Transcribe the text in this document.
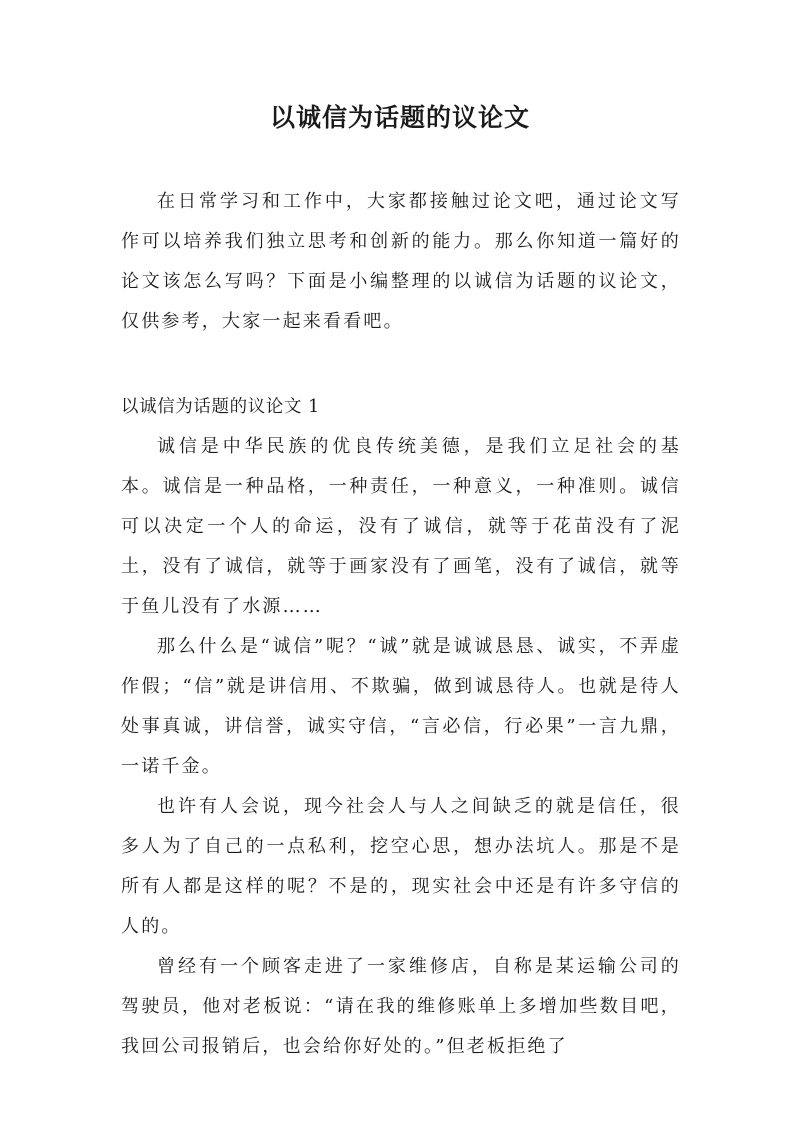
以诚信为话题的议论文

在日常学习和工作中，大家都接触过论文吧，通过论文写作可以培养我们独立思考和创新的能力。那么你知道一篇好的论文该怎么写吗？下面是小编整理的以诚信为话题的议论文，仅供参考，大家一起来看看吧。

以诚信为话题的议论文 1

诚信是中华民族的优良传统美德，是我们立足社会的基本。诚信是一种品格，一种责任，一种意义，一种准则。诚信可以决定一个人的命运，没有了诚信，就等于花苗没有了泥土，没有了诚信，就等于画家没有了画笔，没有了诚信，就等于鱼儿没有了水源……

那么什么是“诚信”呢？“诚”就是诚诚恳恳、诚实，不弄虚作假；“信”就是讲信用、不欺骗，做到诚恳待人。也就是待人处事真诚，讲信誉，诚实守信，“言必信，行必果”一言九鼎，一诺千金。

也许有人会说，现今社会人与人之间缺乏的就是信任，很多人为了自己的一点私利，挖空心思，想办法坑人。那是不是所有人都是这样的呢？不是的，现实社会中还是有许多守信的人的。

曾经有一个顾客走进了一家维修店，自称是某运输公司的驾驶员，他对老板说：“请在我的维修账单上多增加些数目吧，我回公司报销后，也会给你好处的。”但老板拒绝了
